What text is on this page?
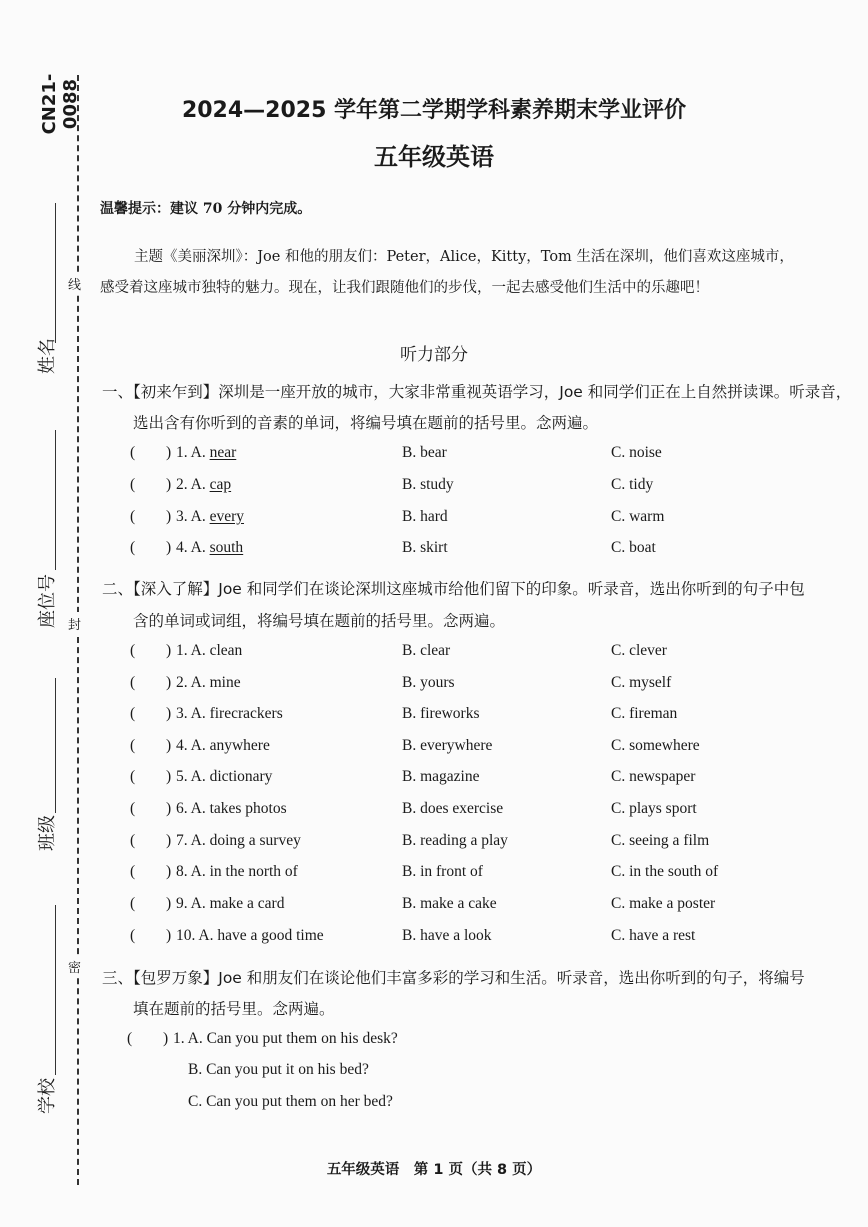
CN21-0088
姓名
座位号
班级
学校
线
封
密
2024—2025 学年第二学期学科素养期末学业评价
五年级英语
温馨提示：建议 70 分钟内完成。
主题《美丽深圳》：Joe 和他的朋友们：Peter，Alice，Kitty，Tom 生活在深圳，他们喜欢这座城市，
感受着这座城市独特的魅力。现在，让我们跟随他们的步伐，一起去感受他们生活中的乐趣吧！
听力部分
一、【初来乍到】深圳是一座开放的城市，大家非常重视英语学习，Joe 和同学们正在上自然拼读课。听录音，
选出含有你听到的音素的单词，将编号填在题前的括号里。念两遍。
( ) 1. A. near	B. bear	C. noise
( ) 2. A. cap	B. study	C. tidy
( ) 3. A. every	B. hard	C. warm
( ) 4. A. south	B. skirt	C. boat
二、【深入了解】Joe 和同学们在谈论深圳这座城市给他们留下的印象。听录音，选出你听到的句子中包
含的单词或词组，将编号填在题前的括号里。念两遍。
( ) 1. A. clean	B. clear	C. clever
( ) 2. A. mine	B. yours	C. myself
( ) 3. A. firecrackers	B. fireworks	C. fireman
( ) 4. A. anywhere	B. everywhere	C. somewhere
( ) 5. A. dictionary	B. magazine	C. newspaper
( ) 6. A. takes photos	B. does exercise	C. plays sport
( ) 7. A. doing a survey	B. reading a play	C. seeing a film
( ) 8. A. in the north of	B. in front of	C. in the south of
( ) 9. A. make a card	B. make a cake	C. make a poster
( ) 10. A. have a good time	B. have a look	C. have a rest
三、【包罗万象】Joe 和朋友们在谈论他们丰富多彩的学习和生活。听录音，选出你听到的句子，将编号
填在题前的括号里。念两遍。
( ) 1. A. Can you put them on his desk?
B. Can you put it on his bed?
C. Can you put them on her bed?
五年级英语　第 1 页（共 8 页）
